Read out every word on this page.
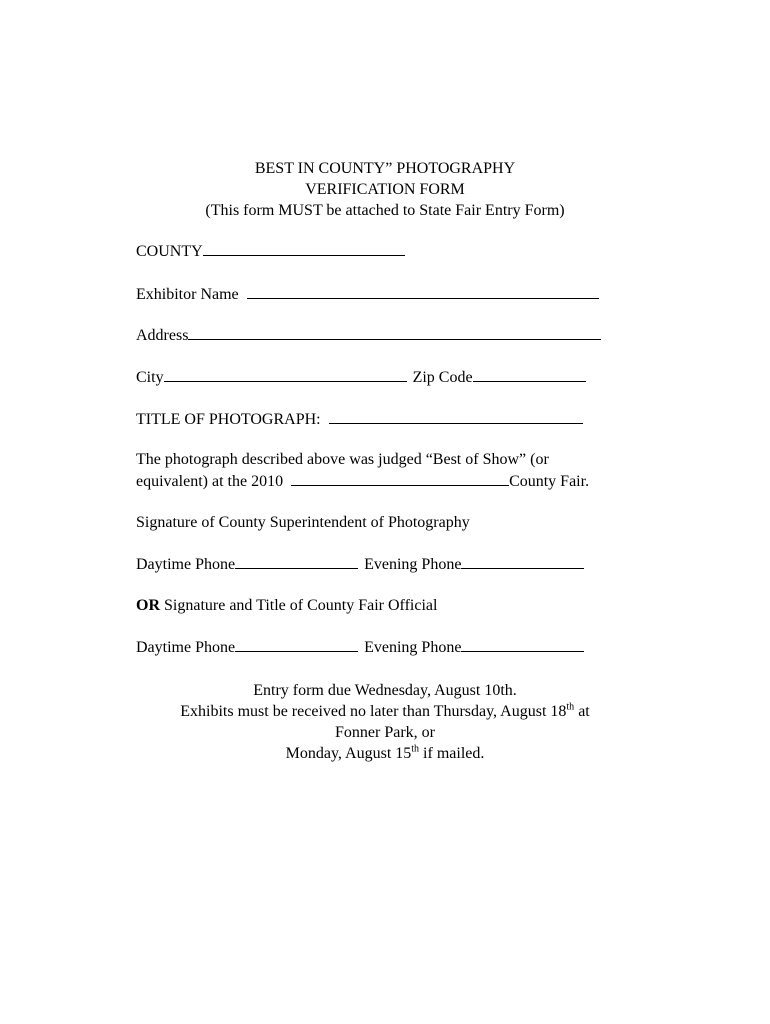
BEST IN COUNTY” PHOTOGRAPHY
VERIFICATION FORM
(This form MUST be attached to State Fair Entry Form)
COUNTY
Exhibitor Name
Address
City	Zip Code
TITLE OF PHOTOGRAPH:
The photograph described above was judged “Best of Show” (or
equivalent) at the 2010	County Fair.
Signature of County Superintendent of Photography
Daytime Phone	Evening Phone
OR Signature and Title of County Fair Official
Daytime Phone	Evening Phone
Entry form due Wednesday, August 10th.
Exhibits must be received no later than Thursday, August 18th at
Fonner Park, or
Monday, August 15th if mailed.
